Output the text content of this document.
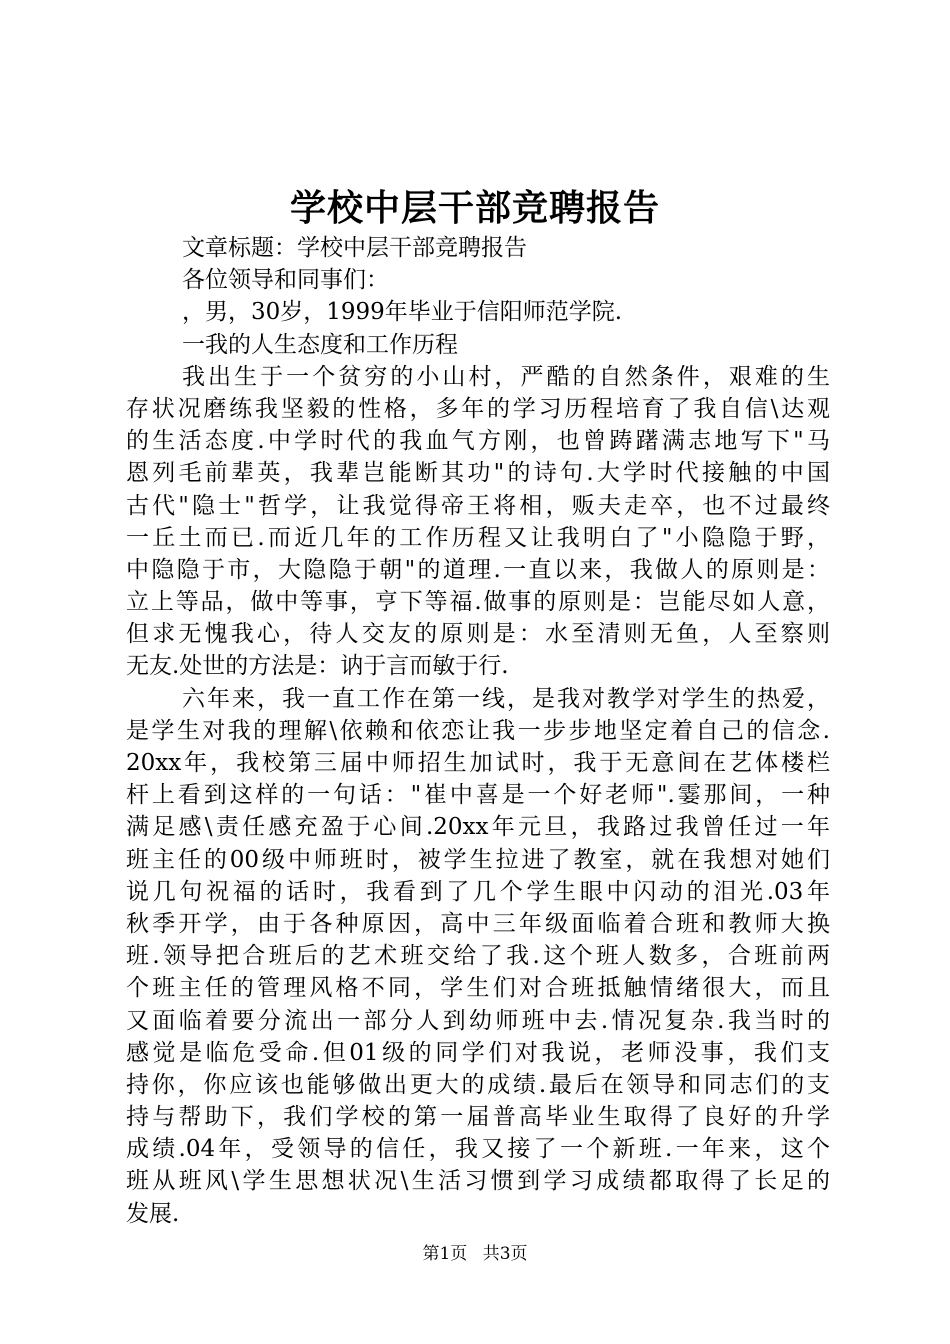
学校中层干部竞聘报告
文章标题：学校中层干部竞聘报告
各位领导和同事们：
，男，30岁，1999年毕业于信阳师范学院.
一我的人生态度和工作历程
我出生于一个贫穷的小山村，严酷的自然条件，艰难的生
存状况磨练我坚毅的性格，多年的学习历程培育了我自信\达观
的生活态度.中学时代的我血气方刚，也曾踌躇满志地写下"马
恩列毛前辈英，我辈岂能断其功"的诗句.大学时代接触的中国
古代"隐士"哲学，让我觉得帝王将相，贩夫走卒，也不过最终
一丘土而已.而近几年的工作历程又让我明白了"小隐隐于野，
中隐隐于市，大隐隐于朝"的道理.一直以来，我做人的原则是：
立上等品，做中等事，亨下等福.做事的原则是：岂能尽如人意，
但求无愧我心，待人交友的原则是：水至清则无鱼，人至察则
无友.处世的方法是：讷于言而敏于行.
六年来，我一直工作在第一线，是我对教学对学生的热爱，
是学生对我的理解\依赖和依恋让我一步步地坚定着自己的信念.
20xx年，我校第三届中师招生加试时，我于无意间在艺体楼栏
杆上看到这样的一句话："崔中喜是一个好老师".霎那间，一种
满足感\责任感充盈于心间.20xx年元旦，我路过我曾任过一年
班主任的00级中师班时，被学生拉进了教室，就在我想对她们
说几句祝福的话时，我看到了几个学生眼中闪动的泪光.03年
秋季开学，由于各种原因，高中三年级面临着合班和教师大换
班.领导把合班后的艺术班交给了我.这个班人数多，合班前两
个班主任的管理风格不同，学生们对合班抵触情绪很大，而且
又面临着要分流出一部分人到幼师班中去.情况复杂.我当时的
感觉是临危受命.但01级的同学们对我说，老师没事，我们支
持你，你应该也能够做出更大的成绩.最后在领导和同志们的支
持与帮助下，我们学校的第一届普高毕业生取得了良好的升学
成绩.04年，受领导的信任，我又接了一个新班.一年来，这个
班从班风\学生思想状况\生活习惯到学习成绩都取得了长足的
发展.
第1页 共3页
